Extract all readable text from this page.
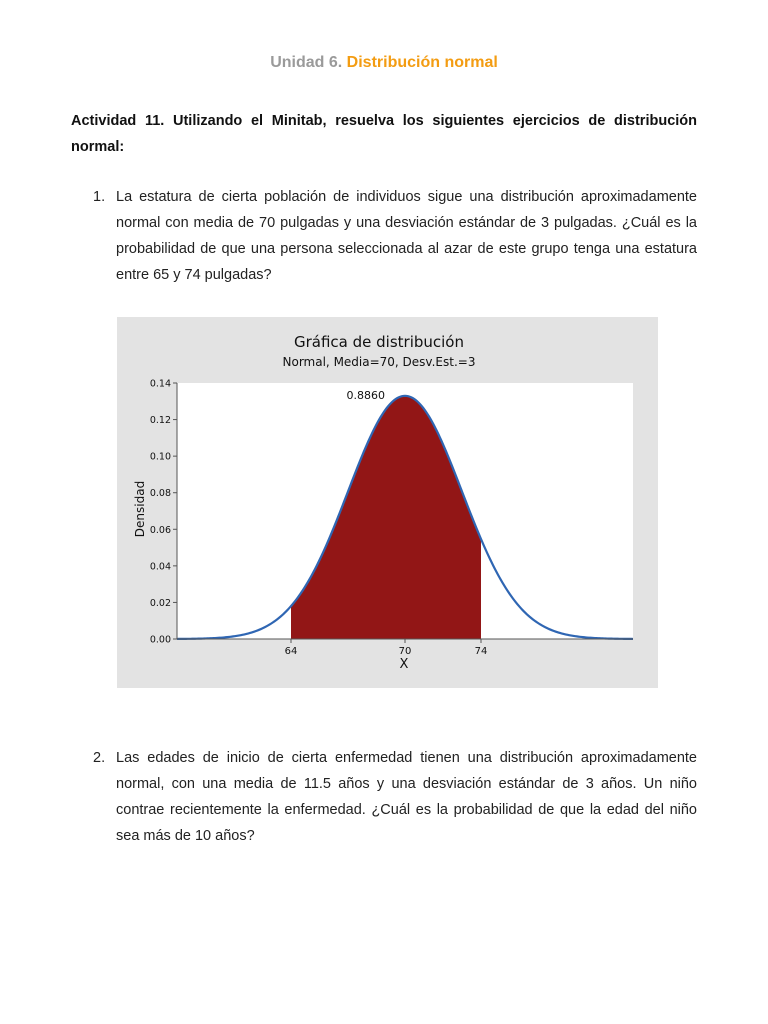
Unidad 6. Distribución normal
Actividad 11. Utilizando el Minitab, resuelva los siguientes ejercicios de distribución normal:
1. La estatura de cierta población de individuos sigue una distribución aproximadamente normal con media de 70 pulgadas y una desviación estándar de 3 pulgadas. ¿Cuál es la probabilidad de que una persona seleccionada al azar de este grupo tenga una estatura entre 65 y 74 pulgadas?
Gráfica de distribución
Normal, Media=70, Desv.Est.=3
Densidad
X
0.00
0.02
0.04
0.06
0.08
0.10
0.12
0.14
64	70	74
0.8860
2. Las edades de inicio de cierta enfermedad tienen una distribución aproximadamente normal, con una media de 11.5 años y una desviación estándar de 3 años. Un niño contrae recientemente la enfermedad. ¿Cuál es la probabilidad de que la edad del niño sea más de 10 años?
